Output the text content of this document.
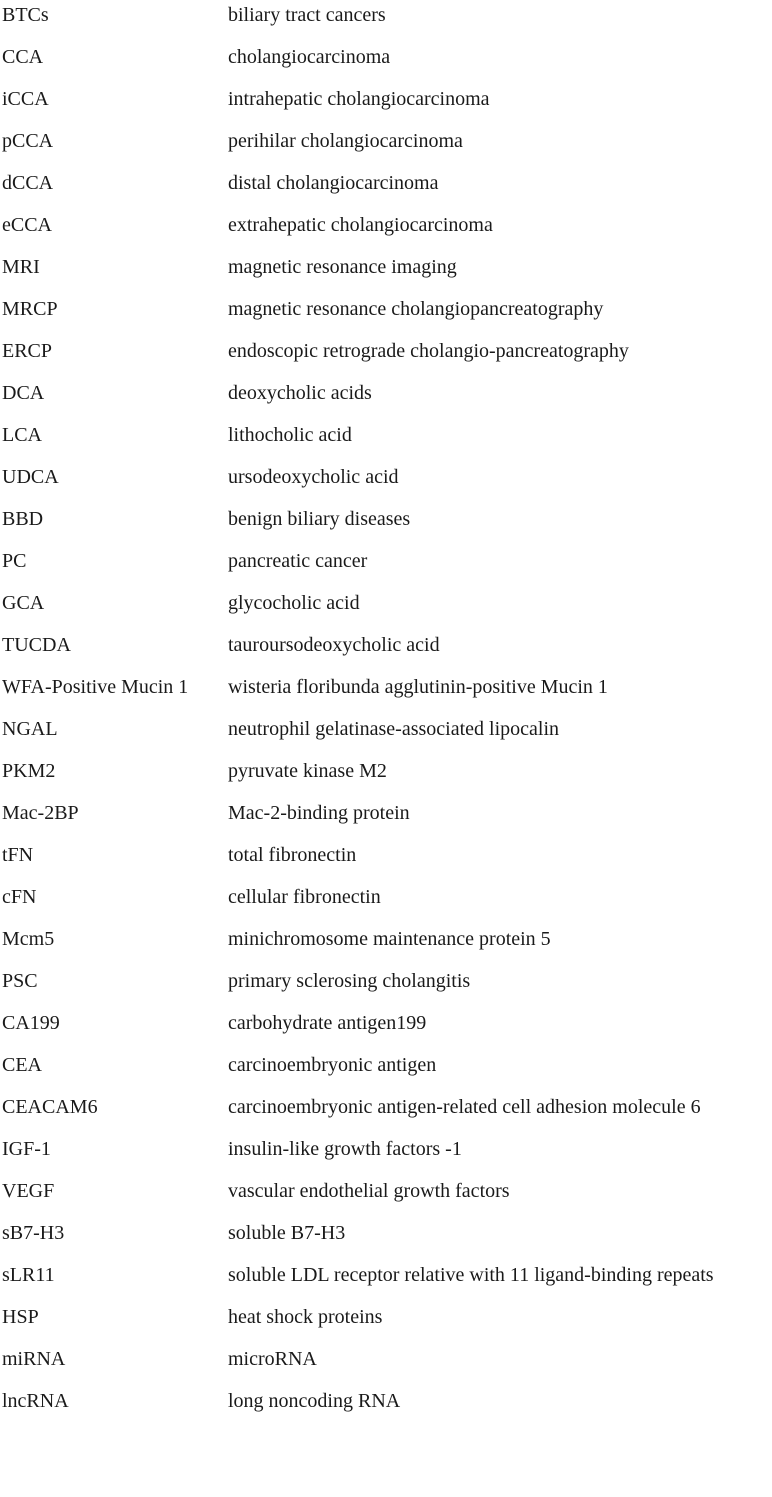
BTCs	biliary tract cancers
CCA	cholangiocarcinoma
iCCA	intrahepatic cholangiocarcinoma
pCCA	perihilar cholangiocarcinoma
dCCA	distal cholangiocarcinoma
eCCA	extrahepatic cholangiocarcinoma
MRI	magnetic resonance imaging
MRCP	magnetic resonance cholangiopancreatography
ERCP	endoscopic retrograde cholangio-pancreatography
DCA	deoxycholic acids
LCA	lithocholic acid
UDCA	ursodeoxycholic acid
BBD	benign biliary diseases
PC	pancreatic cancer
GCA	glycocholic acid
TUCDA	tauroursodeoxycholic acid
WFA-Positive Mucin 1	wisteria floribunda agglutinin-positive Mucin 1
NGAL	neutrophil gelatinase-associated lipocalin
PKM2	pyruvate kinase M2
Mac-2BP	Mac-2-binding protein
tFN	total fibronectin
cFN	cellular fibronectin
Mcm5	minichromosome maintenance protein 5
PSC	primary sclerosing cholangitis
CA199	carbohydrate antigen199
CEA	carcinoembryonic antigen
CEACAM6	carcinoembryonic antigen-related cell adhesion molecule 6
IGF-1	insulin-like growth factors -1
VEGF	vascular endothelial growth factors
sB7-H3	soluble B7-H3
sLR11	soluble LDL receptor relative with 11 ligand-binding repeats
HSP	heat shock proteins
miRNA	microRNA
lncRNA	long noncoding RNA
